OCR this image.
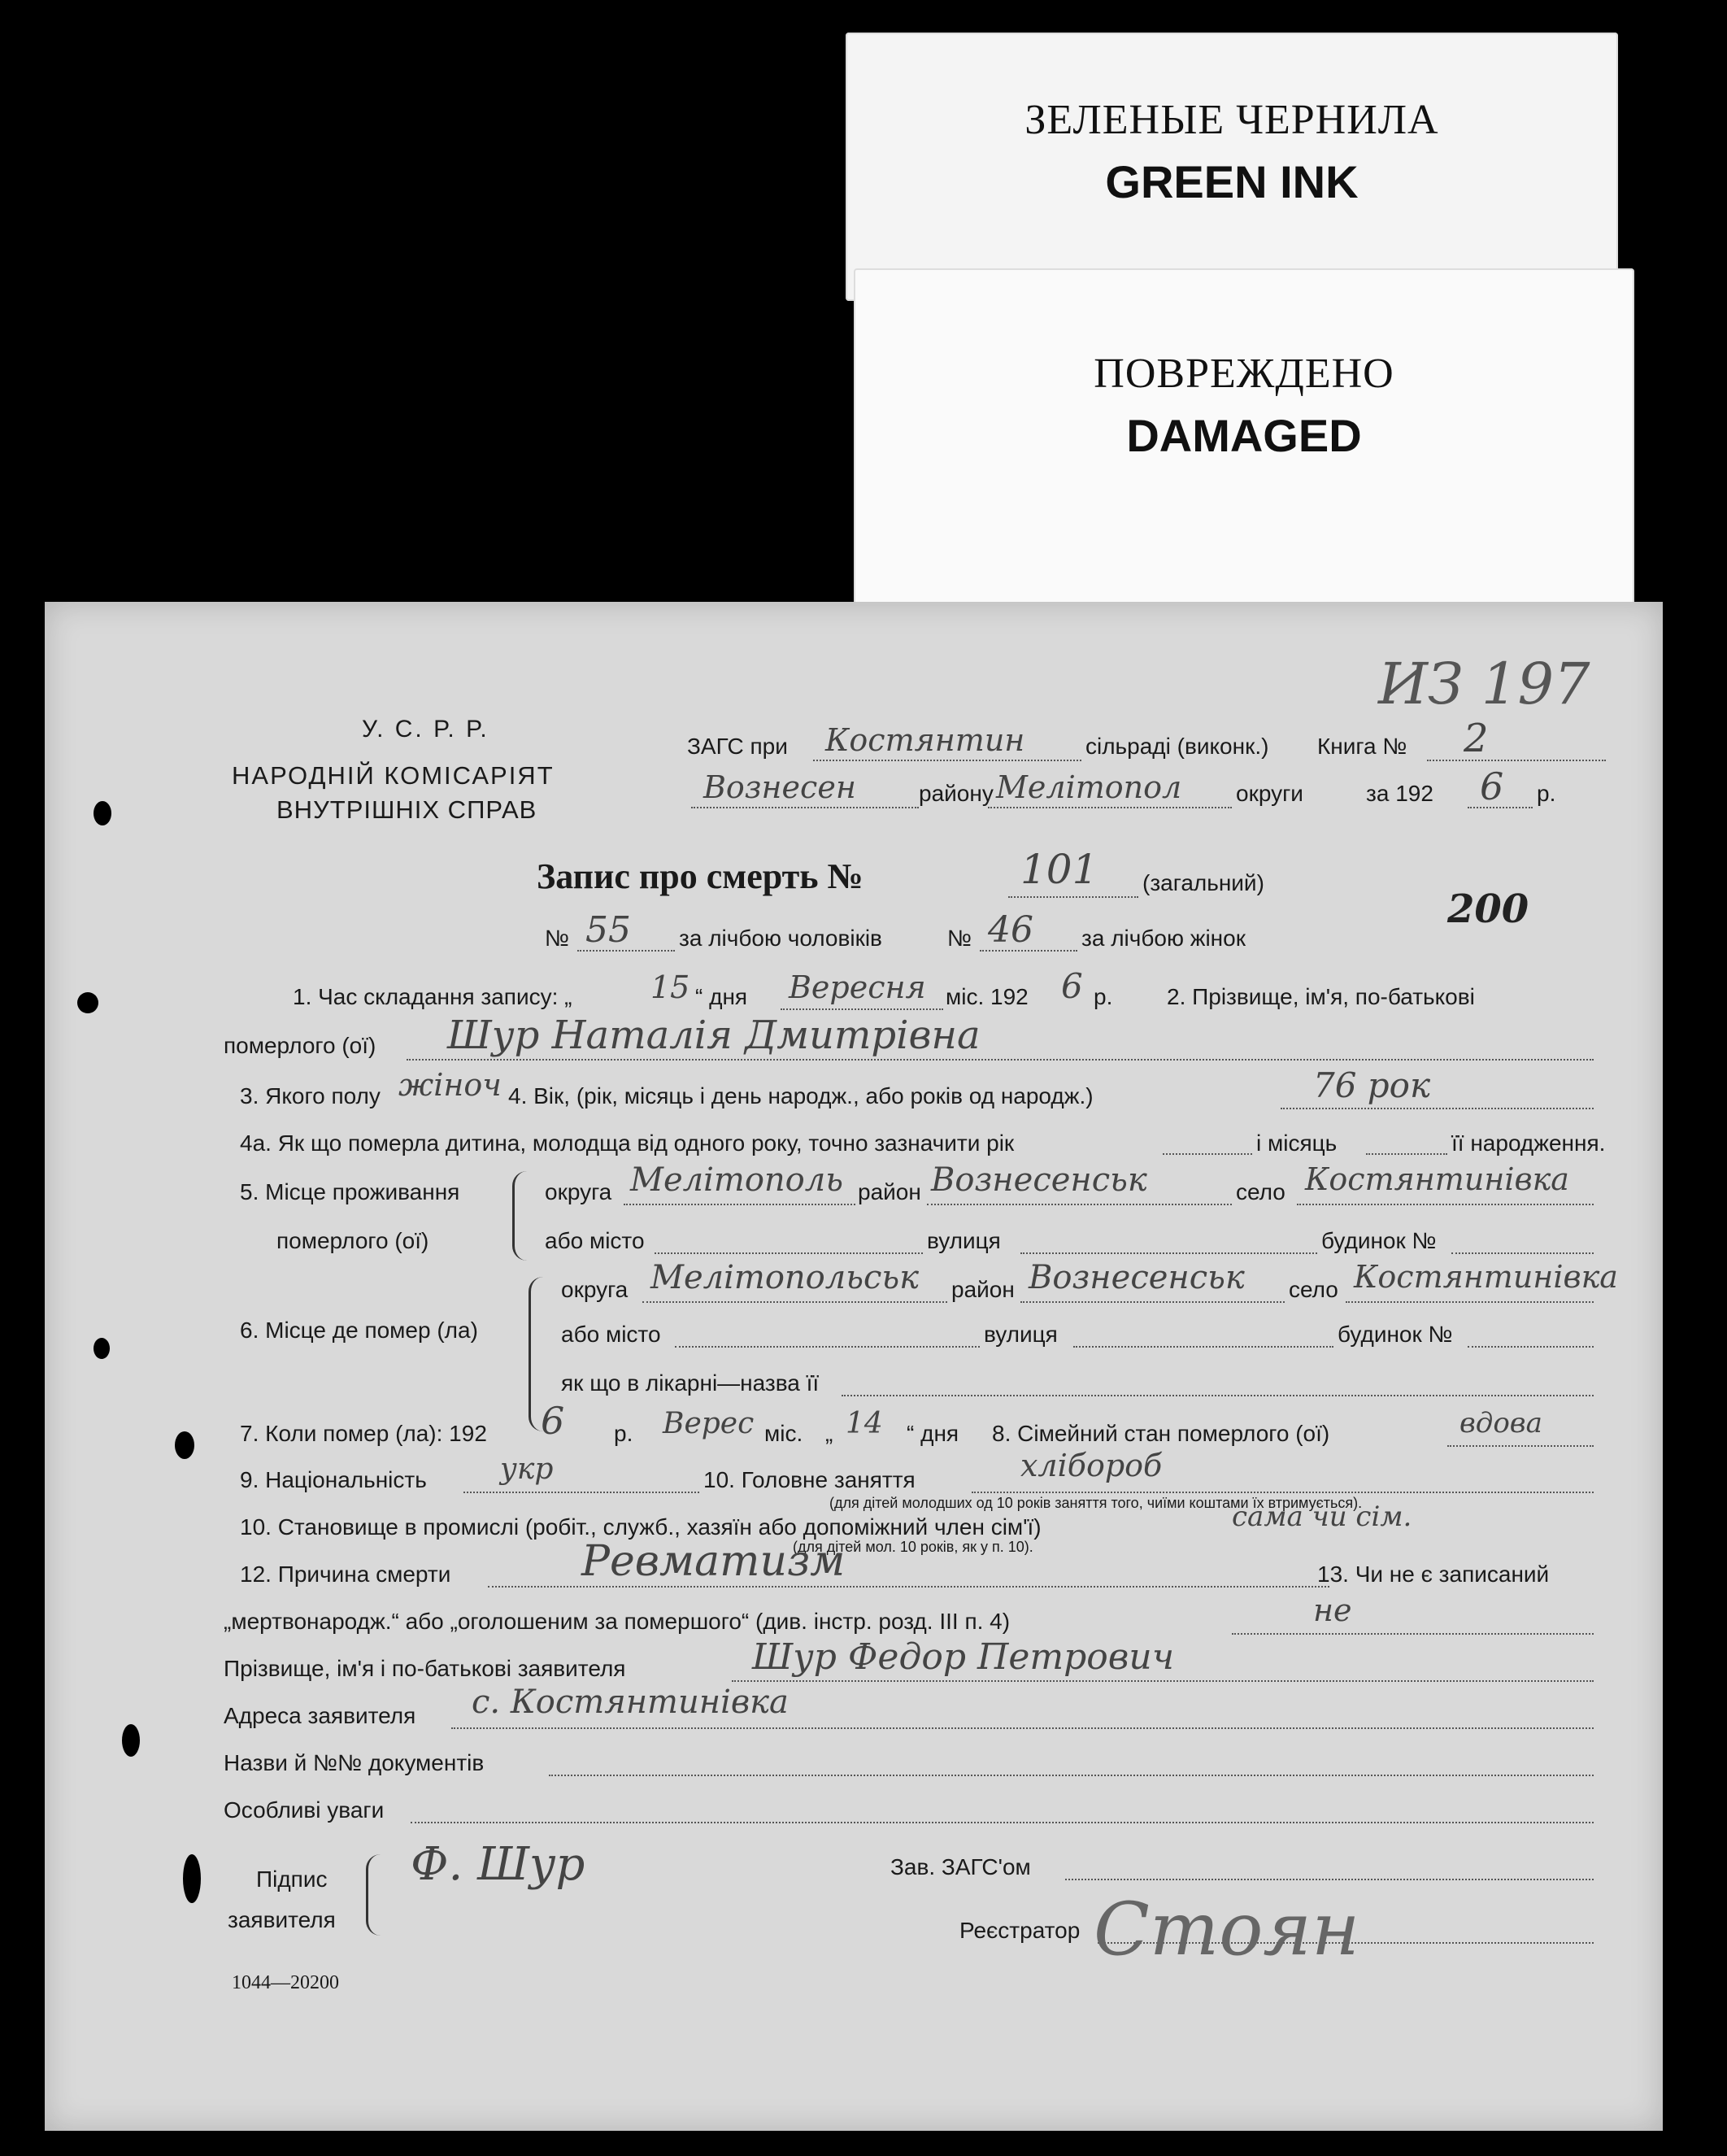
ЗЕЛЕНЫЕ ЧЕРНИЛА
GREEN INK
ПОВРЕЖДЕНО
DAMAGED
У. С. Р. Р.
НАРОДНІЙ КОМІСАРІЯТ
ВНУТРІШНІХ СПРАВ
ЗАГС при Костянтин	сільраді (виконк.) Книга № 2
Вознесен	району Мелітопол округи	за 192 6 р.
ИЗ 197
Запис про смерть №	101 (загальний)
200
№ 55 за лічбою чоловіків	№ 46 за лічбою жінок
1. Час складання запису: „	15 “ дня Вересня міс. 192 6 р. 2. Прізвище, ім'я, по-батькові
померлого (ої) Шур Наталія Дмитрівна
3. Якого полу жіноч 4. Вік, (рік, місяць і день народж., або років од народж.)	76 рок
4а. Як що померла дитина, молодща від одного року, точно зазначити рік	і місяць	її народження.
5. Місце проживання
померлого (ої)
округа Мелітополь район Вознесенськ	село Костянтинівка
або місто	вулиця	будинок №
6. Місце де помер (ла)
округа Мелітопольськ район Вознесенськ село Костянтинівка
або місто	вулиця	будинок №
як що в лікарні—назва її
7. Коли помер (ла): 192 6 р. Верес міс. „ 14 “ дня 8. Сімейний стан померлого (ої)	вдова
9. Національність	укр	10. Головне заняття	хлібороб
(для дітей молодших од 10 років заняття того, чиїми коштами їх втримується).
10. Становище в промислі (робіт., служб., хазяїн або допоміжний член сім'ї)	сама чи сім.
(для дітей мол. 10 років, як у п. 10).
12. Причина смерти	Ревматизм	13. Чи не є записаний
„мертвонародж.“ або „оголошеним за помершого“ (див. інстр. розд. III п. 4)	не
Прізвище, ім'я і по-батькові заявителя	Шур Федор Петрович
Адреса заявителя с. Костянтинівка
Назви й №№ документів
Особливі уваги
Підпис
заявителя
Ф. Шур	Зав. ЗАГС'ом
Реєстратор Стоян
1044—20200
